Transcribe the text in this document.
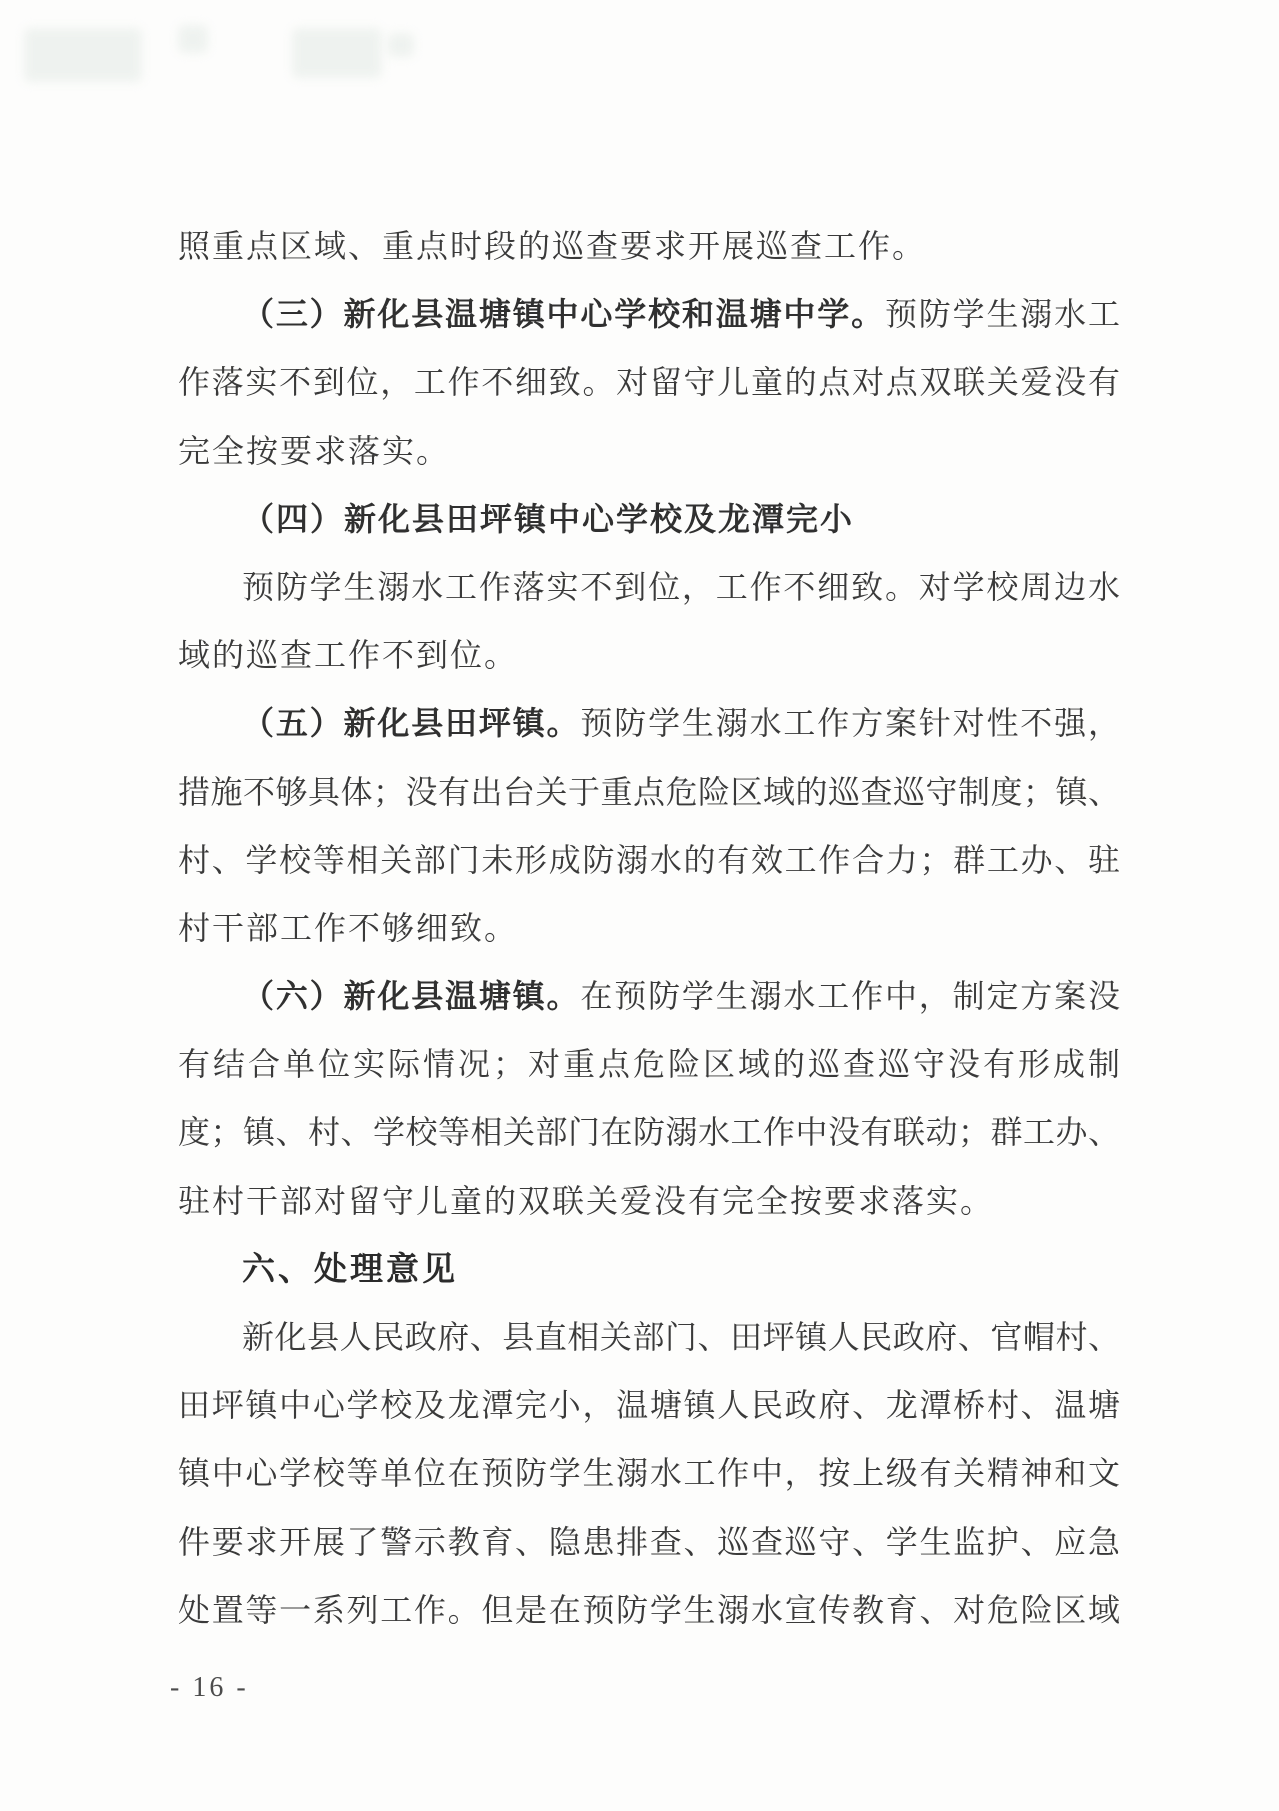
照重点区域、重点时段的巡查要求开展巡查工作。
（三）新化县温塘镇中心学校和温塘中学。预防学生溺水工
作落实不到位，工作不细致。对留守儿童的点对点双联关爱没有
完全按要求落实。
（四）新化县田坪镇中心学校及龙潭完小
预防学生溺水工作落实不到位，工作不细致。对学校周边水
域的巡查工作不到位。
（五）新化县田坪镇。预防学生溺水工作方案针对性不强，
措施不够具体；没有出台关于重点危险区域的巡查巡守制度；镇、
村、学校等相关部门未形成防溺水的有效工作合力；群工办、驻
村干部工作不够细致。
（六）新化县温塘镇。在预防学生溺水工作中，制定方案没
有结合单位实际情况；对重点危险区域的巡查巡守没有形成制
度；镇、村、学校等相关部门在防溺水工作中没有联动；群工办、
驻村干部对留守儿童的双联关爱没有完全按要求落实。
六、处理意见
新化县人民政府、县直相关部门、田坪镇人民政府、官帽村、
田坪镇中心学校及龙潭完小，温塘镇人民政府、龙潭桥村、温塘
镇中心学校等单位在预防学生溺水工作中，按上级有关精神和文
件要求开展了警示教育、隐患排查、巡查巡守、学生监护、应急
处置等一系列工作。但是在预防学生溺水宣传教育、对危险区域
- 16 -
